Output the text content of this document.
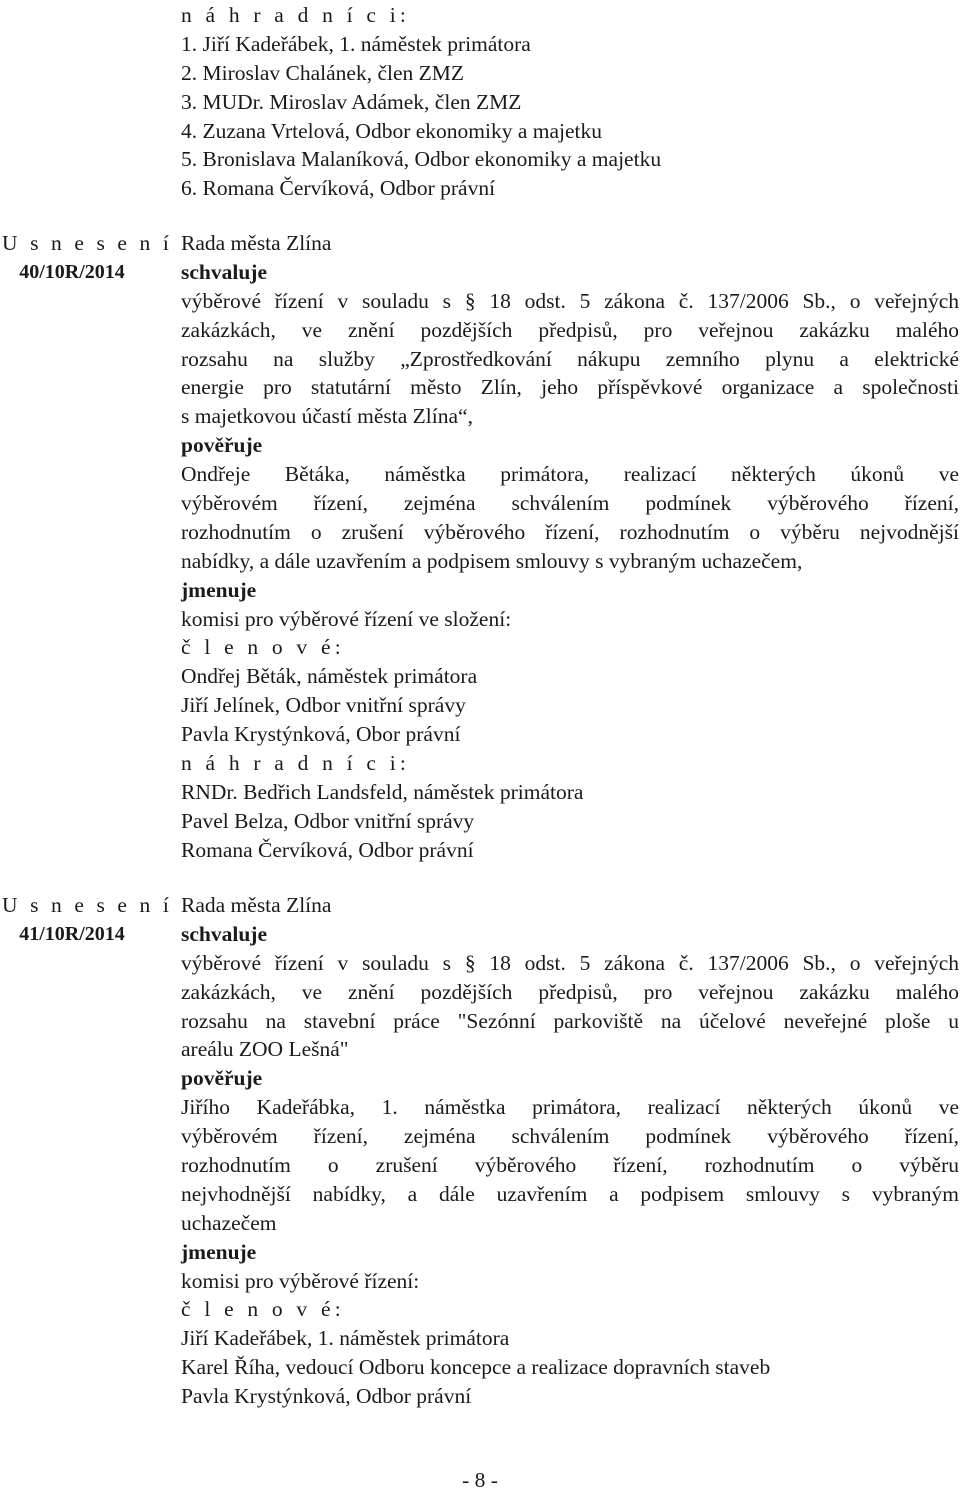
n á h r a d n í c i:
1. Jiří Kadeřábek, 1. náměstek primátora
2. Miroslav Chalánek, člen ZMZ
3. MUDr. Miroslav Adámek, člen ZMZ
4. Zuzana Vrtelová, Odbor ekonomiky a majetku
5. Bronislava Malaníková, Odbor ekonomiky a majetku
6. Romana Červíková, Odbor právní
U s n e s e n í
40/10R/2014
Rada města Zlína
schvaluje
výběrové řízení v souladu s § 18 odst. 5 zákona č. 137/2006 Sb., o veřejných
zakázkách, ve znění pozdějších předpisů, pro veřejnou zakázku malého
rozsahu na služby „Zprostředkování nákupu zemního plynu a elektrické
energie pro statutární město Zlín, jeho příspěvkové organizace a společnosti
s majetkovou účastí města Zlína“,
pověřuje
Ondřeje Bětáka, náměstka primátora, realizací některých úkonů ve
výběrovém řízení, zejména schválením podmínek výběrového řízení,
rozhodnutím o zrušení výběrového řízení, rozhodnutím o výběru nejvodnější
nabídky, a dále uzavřením a podpisem smlouvy s vybraným uchazečem,
jmenuje
komisi pro výběrové řízení ve složení:
č l e n o v é:
Ondřej Běták, náměstek primátora
Jiří Jelínek, Odbor vnitřní správy
Pavla Krystýnková, Obor právní
n á h r a d n í c i:
RNDr. Bedřich Landsfeld, náměstek primátora
Pavel Belza, Odbor vnitřní správy
Romana Červíková, Odbor právní
U s n e s e n í
41/10R/2014
Rada města Zlína
schvaluje
výběrové řízení v souladu s § 18 odst. 5 zákona č. 137/2006 Sb., o veřejných
zakázkách, ve znění pozdějších předpisů, pro veřejnou zakázku malého
rozsahu na stavební práce "Sezónní parkoviště na účelové neveřejné ploše u
areálu ZOO Lešná"
pověřuje
Jiřího Kadeřábka, 1. náměstka primátora, realizací některých úkonů ve
výběrovém řízení, zejména schválením podmínek výběrového řízení,
rozhodnutím o zrušení výběrového řízení, rozhodnutím o výběru
nejvhodnější nabídky, a dále uzavřením a podpisem smlouvy s vybraným
uchazečem
jmenuje
komisi pro výběrové řízení:
č l e n o v é:
Jiří Kadeřábek, 1. náměstek primátora
Karel Říha, vedoucí Odboru koncepce a realizace dopravních staveb
Pavla Krystýnková, Odbor právní
- 8 -
